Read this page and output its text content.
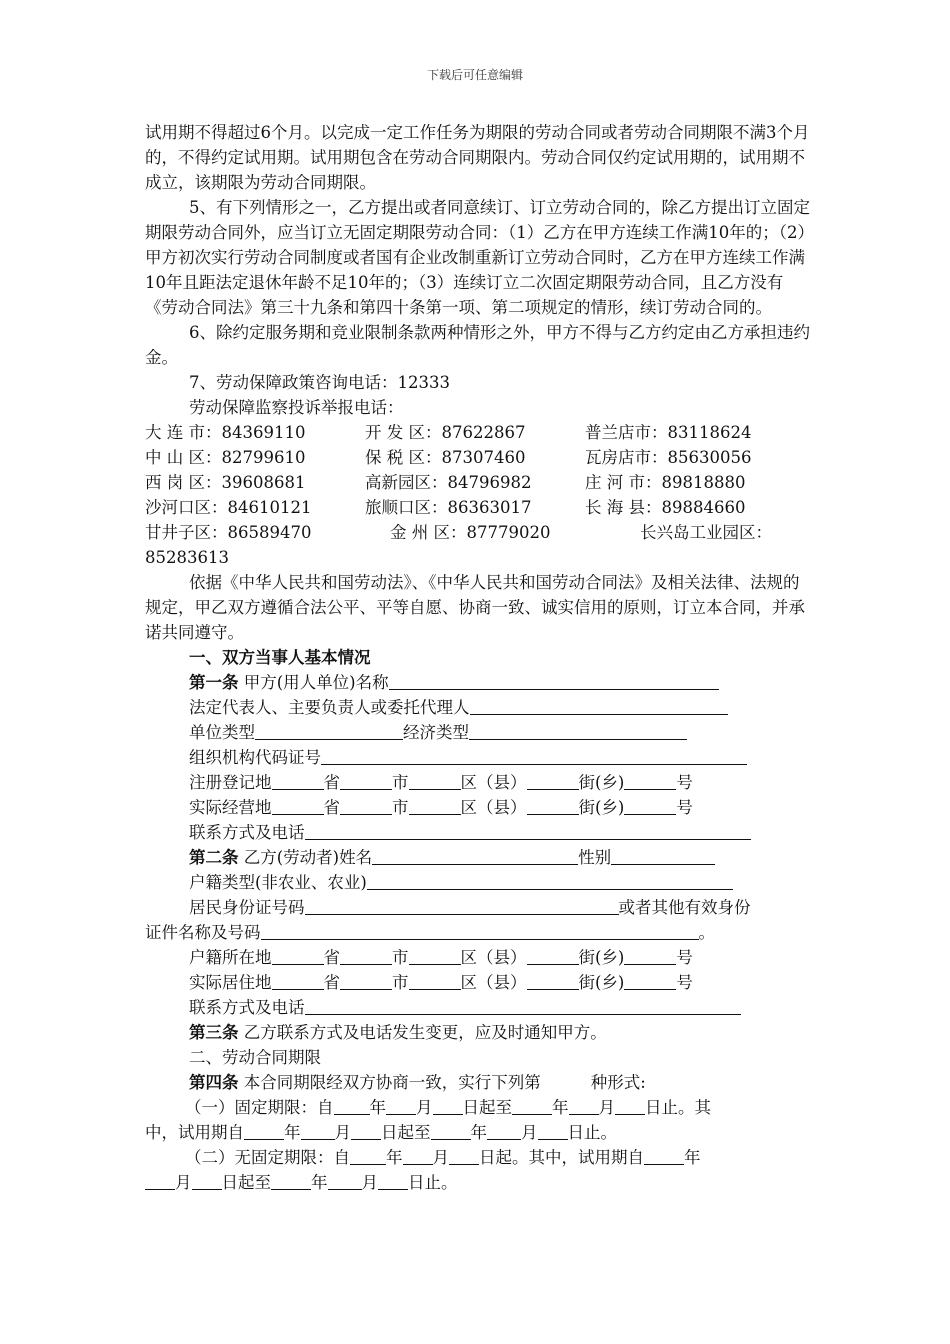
下载后可任意编辑

试用期不得超过6个月。以完成一定工作任务为期限的劳动合同或者劳动合同期限不满3个月的，不得约定试用期。试用期包含在劳动合同期限内。劳动合同仅约定试用期的，试用期不成立，该期限为劳动合同期限。

5、有下列情形之一，乙方提出或者同意续订、订立劳动合同的，除乙方提出订立固定期限劳动合同外，应当订立无固定期限劳动合同：（1）乙方在甲方连续工作满10年的；（2）甲方初次实行劳动合同制度或者国有企业改制重新订立劳动合同时，乙方在甲方连续工作满10年且距法定退休年龄不足10年的；（3）连续订立二次固定期限劳动合同，且乙方没有《劳动合同法》第三十九条和第四十条第一项、第二项规定的情形，续订劳动合同的。

6、除约定服务期和竞业限制条款两种情形之外，甲方不得与乙方约定由乙方承担违约金。

7、劳动保障政策咨询电话：12333

劳动保障监察投诉举报电话：

大 连 市：84369110	开 发 区：87622867	普兰店市：83118624
中 山 区：82799610	保 税 区：87307460	瓦房店市：85630056
西 岗 区：39608681	高新园区：84796982	庄 河 市：89818880
沙河口区：84610121	旅顺口区：86363017	长 海 县：89884660
甘井子区：86589470	金 州 区：87779020	长兴岛工业园区：
85283613

依据《中华人民共和国劳动法》、《中华人民共和国劳动合同法》及相关法律、法规的规定，甲乙双方遵循合法公平、平等自愿、协商一致、诚实信用的原则，订立本合同，并承诺共同遵守。

一、双方当事人基本情况
第一条 甲方(用人单位)名称
法定代表人、主要负责人或委托代理人
单位类型	经济类型
组织机构代码证号
注册登记地	省	市	区（县）	街(乡)	号
实际经营地	省	市	区（县）	街(乡)	号
联系方式及电话
第二条 乙方(劳动者)姓名	性别
户籍类型(非农业、农业)
居民身份证号码	或者其他有效身份
证件名称及号码	。
户籍所在地	省	市	区（县）	街(乡)	号
实际居住地	省	市	区（县）	街(乡)	号
联系方式及电话
第三条 乙方联系方式及电话发生变更，应及时通知甲方。
二、劳动合同期限
第四条 本合同期限经双方协商一致，实行下列第	种形式:
（一）固定期限：自 年 月 日起至 年 月 日止。其
中，试用期自 年 月 日起至 年 月 日止。
（二）无固定期限：自 年 月 日起。其中，试用期自 年
月 日起至 年 月 日止。
